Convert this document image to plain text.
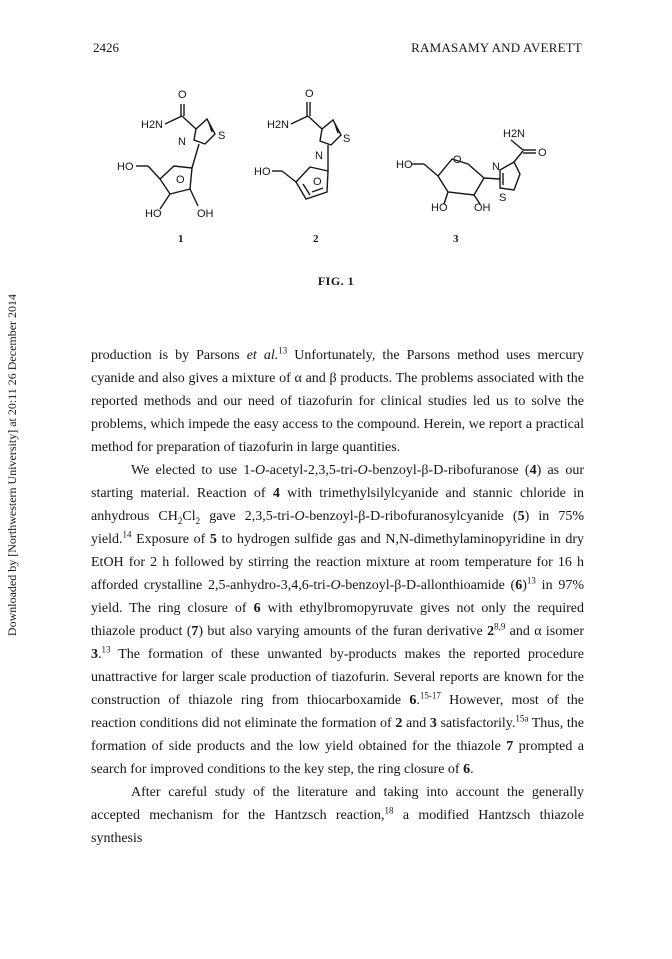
2426	RAMASAMY AND AVERETT
Downloaded by [Northwestern University] at 20:11 26 December 2014
O
H2N
N	S
HO
O
HO	OH
1
O
H2N
N
S
HO
O
2
H2N
O
HO	O
N
S
HO OH
3
FIG. 1

production is by Parsons et al.$^{13}$ Unfortunately, the Parsons method uses mercury cyanide and also gives a mixture of α and β products. The problems associated with the reported methods and our need of tiazofurin for clinical studies led us to solve the problems, which impede the easy access to the compound. Herein, we report a practical method for preparation of tiazofurin in large quantities.

We elected to use 1-O-acetyl-2,3,5-tri-O-benzoyl-β-D-ribofuranose (4) as our starting material. Reaction of 4 with trimethylsilylcyanide and stannic chloride in anhydrous $CH_2Cl_2$ gave 2,3,5-tri-O-benzoyl-β-D-ribofuranosylcyanide (5) in 75% yield.$^{14}$ Exposure of 5 to hydrogen sulfide gas and N,N-dimethylaminopyridine in dry EtOH for 2 h followed by stirring the reaction mixture at room temperature for 16 h afforded crystalline 2,5-anhydro-3,4,6-tri-O-benzoyl-β-D-allonthioamide $(6)^{13}$ in 97% yield. The ring closure of 6 with ethylbromopyruvate gives not only the required thiazole product (7) but also varying amounts of the furan derivative 2$^{8,9}$ and α isomer 3.13 The formation of these unwanted by-products makes the reported procedure unattractive for larger scale production of tiazofurin. Several reports are known for the construction of thiazole ring from thiocarboxamide 6.$^{15-17}$ However, most of the reaction conditions did not eliminate the formation of 2 and 3 satisfactorily.$^{15a}$ Thus, the formation of side products and the low yield obtained for the thiazole 7 prompted a search for improved conditions to the key step, the ring closure of 6.

After careful study of the literature and taking into account the generally accepted mechanism for the Hantzsch reaction,$^{18}$ a modified Hantzsch thiazole synthesis
